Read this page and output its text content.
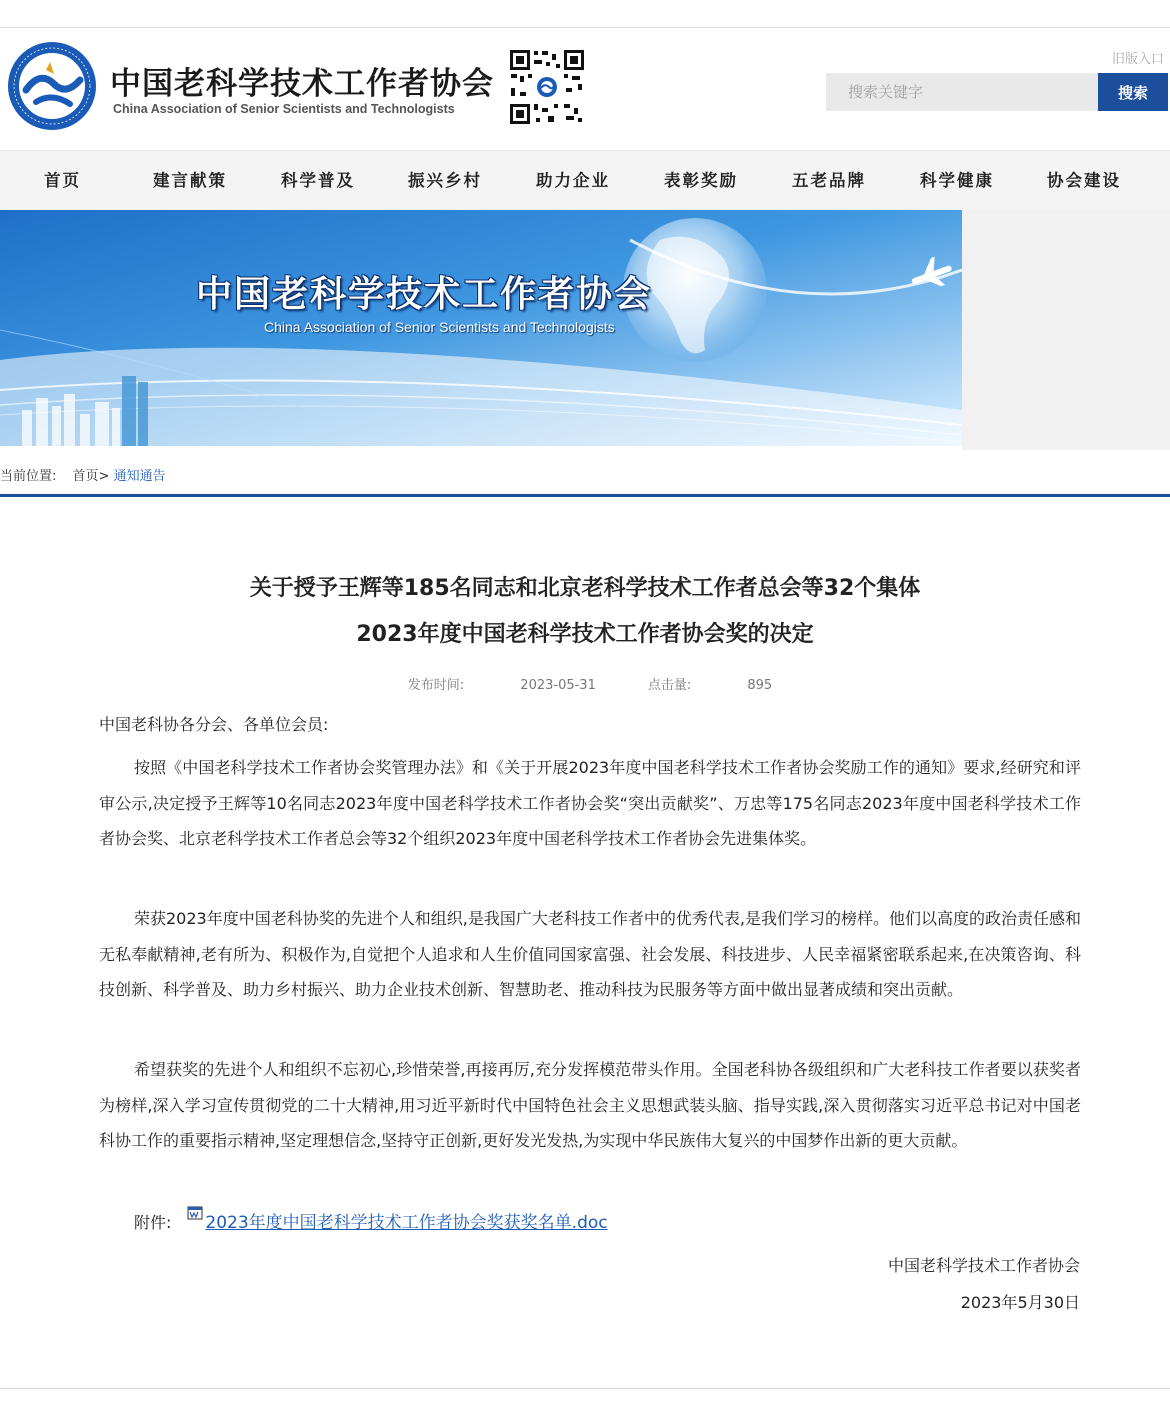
中国老科学技术工作者协会
China Association of Senior Scientists and Technologists
旧版入口
搜索关键字
搜索
首页	建言献策	科学普及	振兴乡村	助力企业	表彰奖励	五老品牌	科学健康	协会建设
中国老科学技术工作者协会
China Association of Senior Scientists and Technologists
当前位置: 首页> 通知通告
关于授予王辉等185名同志和北京老科学技术工作者总会等32个集体
2023年度中国老科学技术工作者协会奖的决定
发布时间:	2023-05-31	点击量:	895
中国老科协各分会、各单位会员:

按照《中国老科学技术工作者协会奖管理办法》和《关于开展2023年度中国老科学技术工作者协会奖励工作的通知》要求,经研究和评审公示,决定授予王辉等10名同志2023年度中国老科学技术工作者协会奖“突出贡献奖”、万忠等175名同志2023年度中国老科学技术工作者协会奖、北京老科学技术工作者总会等32个组织2023年度中国老科学技术工作者协会先进集体奖。

荣获2023年度中国老科协奖的先进个人和组织,是我国广大老科技工作者中的优秀代表,是我们学习的榜样。他们以高度的政治责任感和无私奉献精神,老有所为、积极作为,自觉把个人追求和人生价值同国家富强、社会发展、科技进步、人民幸福紧密联系起来,在决策咨询、科技创新、科学普及、助力乡村振兴、助力企业技术创新、智慧助老、推动科技为民服务等方面中做出显著成绩和突出贡献。

希望获奖的先进个人和组织不忘初心,珍惜荣誉,再接再厉,充分发挥模范带头作用。全国老科协各级组织和广大老科技工作者要以获奖者为榜样,深入学习宣传贯彻党的二十大精神,用习近平新时代中国特色社会主义思想武装头脑、指导实践,深入贯彻落实习近平总书记对中国老科协工作的重要指示精神,坚定理想信念,坚持守正创新,更好发光发热,为实现中华民族伟大复兴的中国梦作出新的更大贡献。

附件: 2023年度中国老科学技术工作者协会奖获奖名单.doc
中国老科学技术工作者协会
2023年5月30日
